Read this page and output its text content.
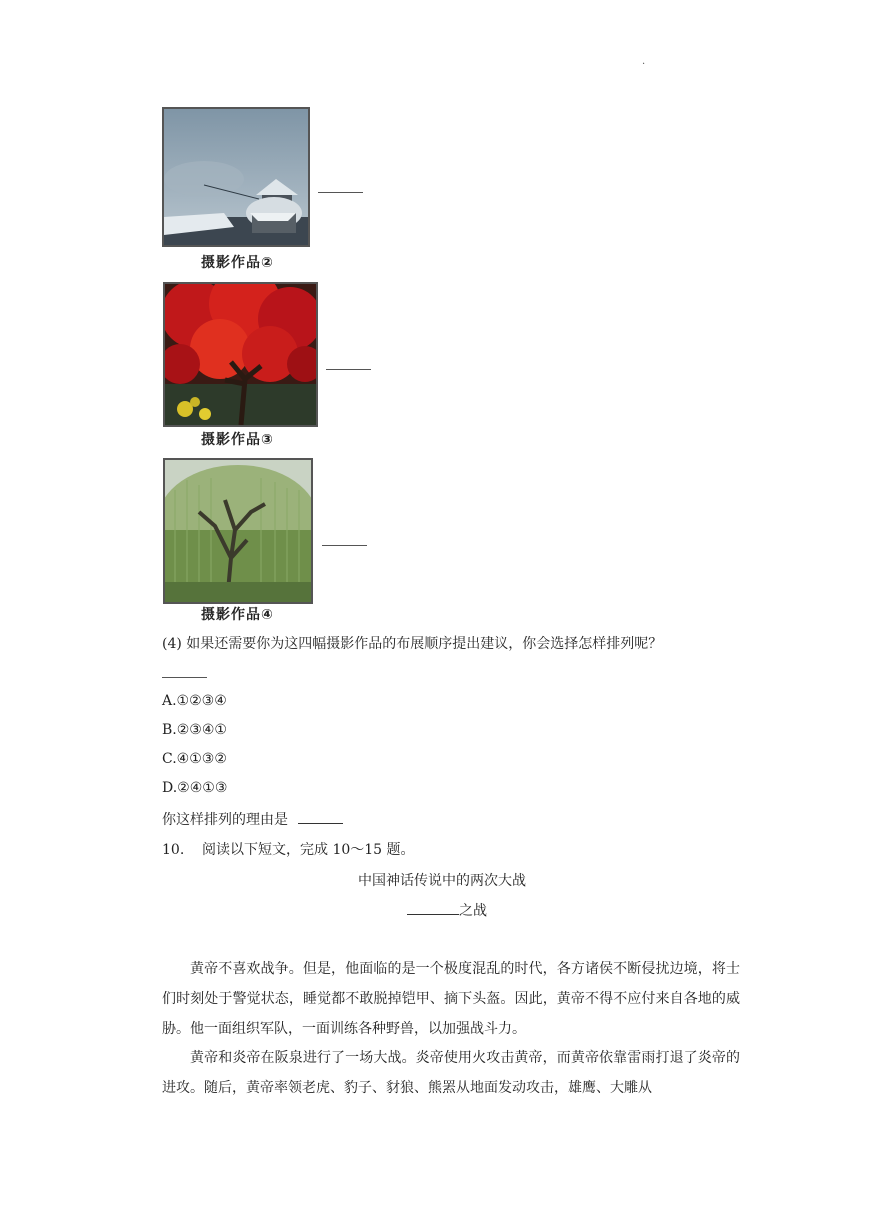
.
摄影作品②
摄影作品③
摄影作品④
(4) 如果还需要你为这四幅摄影作品的布展顺序提出建议，你会选择怎样排列呢？
A.①②③④
B.②③④①
C.④①③②
D.②④①③
你这样排列的理由是
10. 阅读以下短文，完成 10～15 题。
中国神话传说中的两次大战
之战
黄帝不喜欢战争。但是，他面临的是一个极度混乱的时代，各方诸侯不断侵扰边境，将士们时刻处于警觉状态，睡觉都不敢脱掉铠甲、摘下头盔。因此，黄帝不得不应付来自各地的威胁。他一面组织军队，一面训练各种野兽，以加强战斗力。
黄帝和炎帝在阪泉进行了一场大战。炎帝使用火攻击黄帝，而黄帝依靠雷雨打退了炎帝的进攻。随后，黄帝率领老虎、豹子、豺狼、熊罴从地面发动攻击，雄鹰、大雕从
